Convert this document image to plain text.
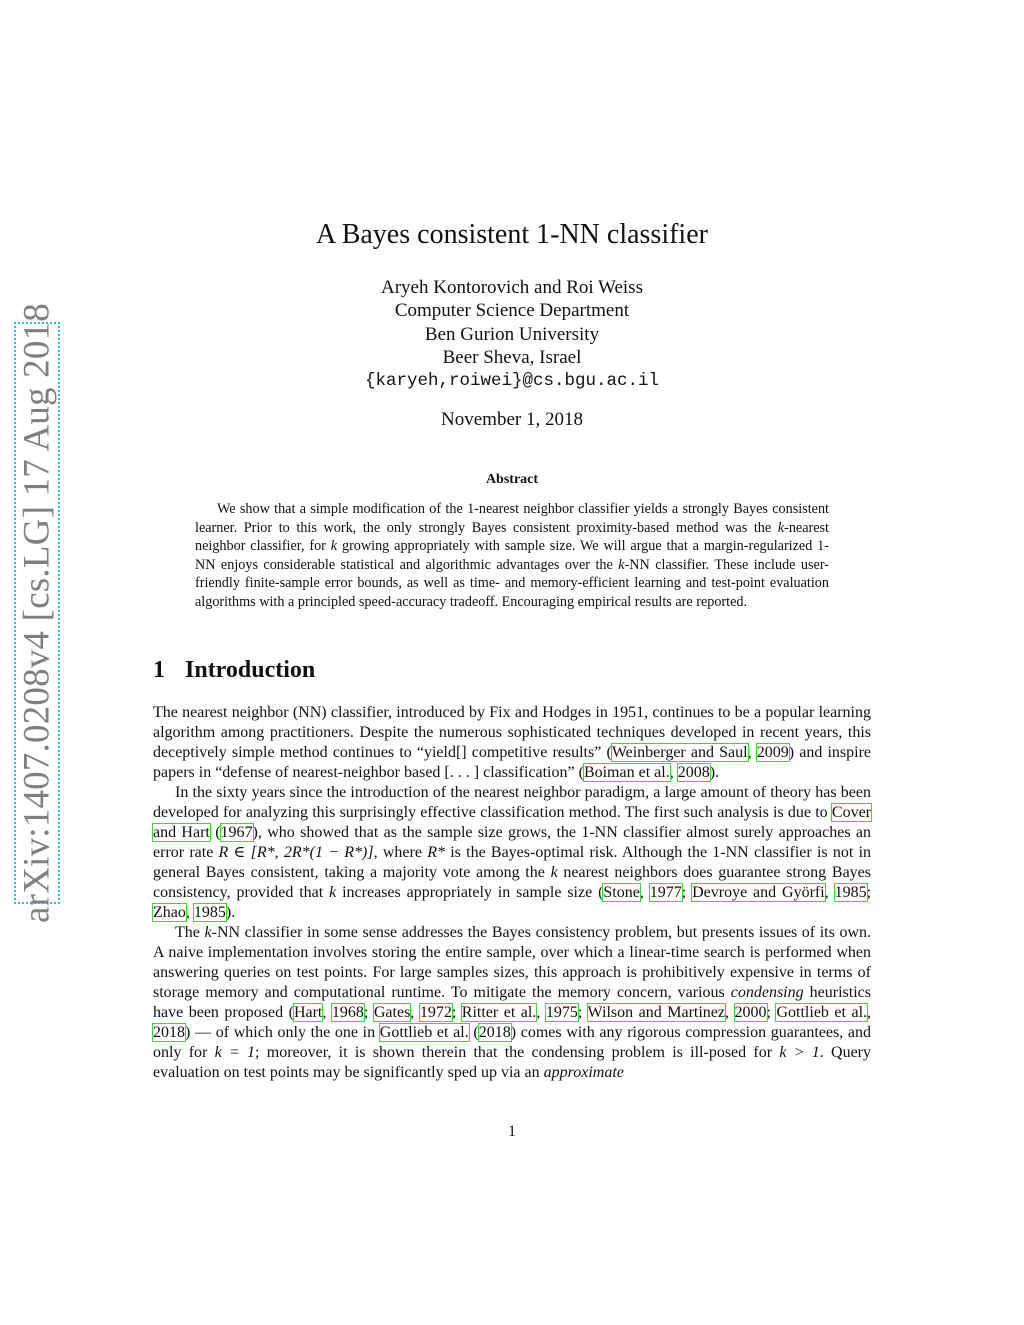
arXiv:1407.0208v4 [cs.LG] 17 Aug 2018
A Bayes consistent 1-NN classifier
Aryeh Kontorovich and Roi Weiss
Computer Science Department
Ben Gurion University
Beer Sheva, Israel
{karyeh,roiwei}@cs.bgu.ac.il
November 1, 2018
Abstract

We show that a simple modification of the 1-nearest neighbor classifier yields a strongly Bayes consistent learner. Prior to this work, the only strongly Bayes consistent proximity-based method was the k-nearest neighbor classifier, for k growing appropriately with sample size. We will argue that a margin-regularized 1-NN enjoys considerable statistical and algorithmic advantages over the k-NN classifier. These include user-friendly finite-sample error bounds, as well as time- and memory-efficient learning and test-point evaluation algorithms with a principled speed-accuracy tradeoff. Encouraging empirical results are reported.

1 Introduction

The nearest neighbor (NN) classifier, introduced by Fix and Hodges in 1951, continues to be a popular learning algorithm among practitioners. Despite the numerous sophisticated techniques developed in recent years, this deceptively simple method continues to “yield[] competitive results” (Weinberger and Saul, 2009) and inspire papers in “defense of nearest-neighbor based [. . . ] classification” (Boiman et al., 2008).

In the sixty years since the introduction of the nearest neighbor paradigm, a large amount of theory has been developed for analyzing this surprisingly effective classification method. The first such analysis is due to Cover and Hart (1967), who showed that as the sample size grows, the 1-NN classifier almost surely approaches an error rate R ∈ [R*, 2R*(1 − R*)], where R* is the Bayes-optimal risk. Although the 1-NN classifier is not in general Bayes consistent, taking a majority vote among the k nearest neighbors does guarantee strong Bayes consistency, provided that k increases appropriately in sample size (Stone, 1977; Devroye and Györfi, 1985; Zhao, 1985).

The k-NN classifier in some sense addresses the Bayes consistency problem, but presents issues of its own. A naive implementation involves storing the entire sample, over which a linear-time search is performed when answering queries on test points. For large samples sizes, this approach is prohibitively expensive in terms of storage memory and computational runtime. To mitigate the memory concern, various condensing heuristics have been proposed (Hart, 1968; Gates, 1972; Ritter et al., 1975; Wilson and Martinez, 2000; Gottlieb et al., 2018) — of which only the one in Gottlieb et al. (2018) comes with any rigorous compression guarantees, and only for k = 1; moreover, it is shown therein that the condensing problem is ill-posed for k > 1. Query evaluation on test points may be significantly sped up via an approximate

1
